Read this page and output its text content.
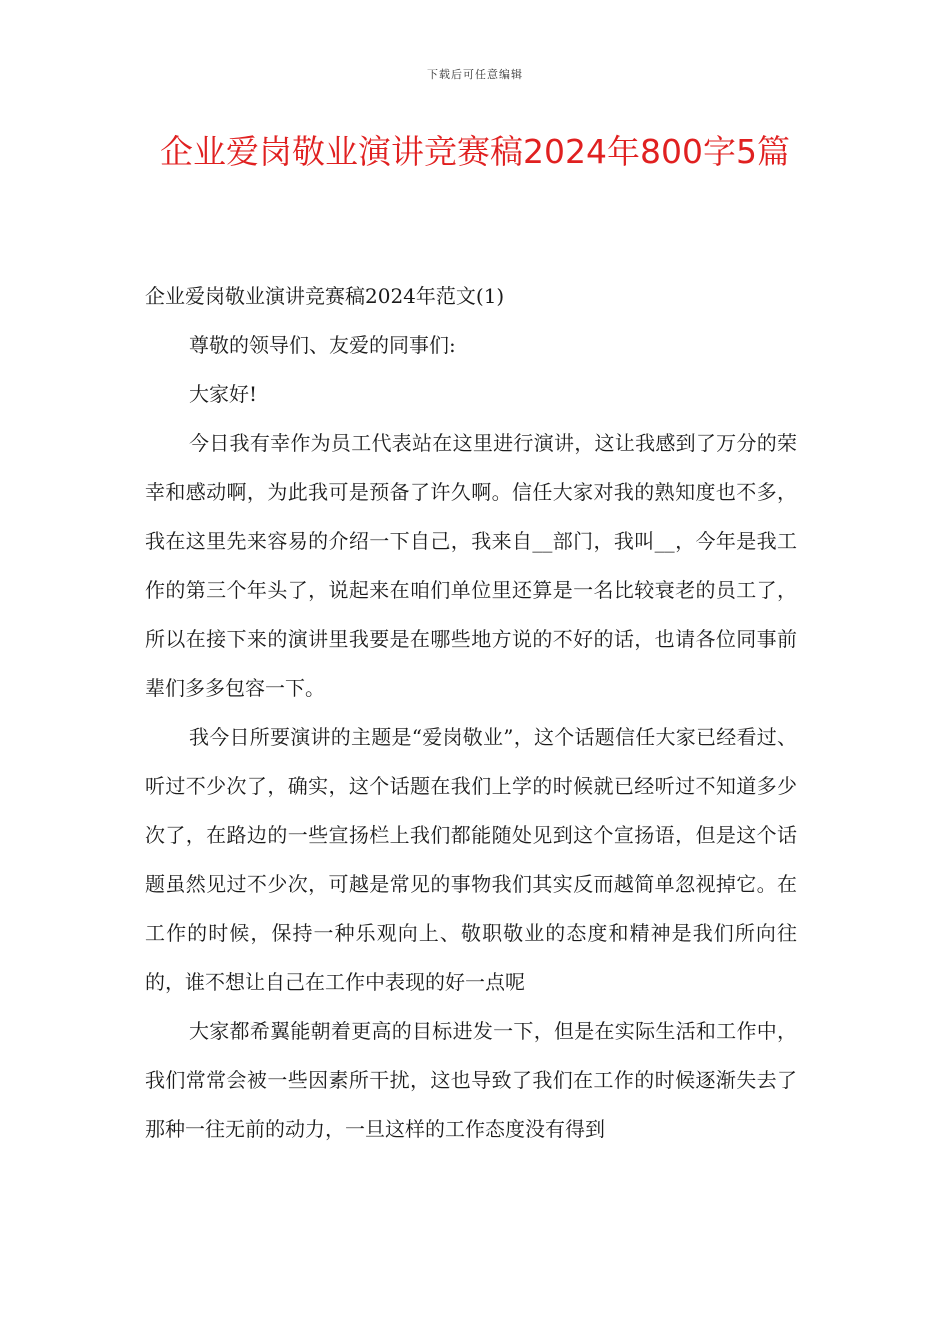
下载后可任意编辑
企业爱岗敬业演讲竞赛稿2024年800字5篇

企业爱岗敬业演讲竞赛稿2024年范文(1)

尊敬的领导们、友爱的同事们:

大家好!

今日我有幸作为员工代表站在这里进行演讲，这让我感到了万分的荣幸和感动啊，为此我可是预备了许久啊。信任大家对我的熟知度也不多，我在这里先来容易的介绍一下自己，我来自__部门，我叫__，今年是我工作的第三个年头了，说起来在咱们单位里还算是一名比较衰老的员工了，所以在接下来的演讲里我要是在哪些地方说的不好的话，也请各位同事前辈们多多包容一下。

我今日所要演讲的主题是“爱岗敬业”，这个话题信任大家已经看过、听过不少次了，确实，这个话题在我们上学的时候就已经听过不知道多少次了，在路边的一些宣扬栏上我们都能随处见到这个宣扬语，但是这个话题虽然见过不少次，可越是常见的事物我们其实反而越简单忽视掉它。在工作的时候，保持一种乐观向上、敬职敬业的态度和精神是我们所向往的，谁不想让自己在工作中表现的好一点呢

大家都希翼能朝着更高的目标进发一下，但是在实际生活和工作中，我们常常会被一些因素所干扰，这也导致了我们在工作的时候逐渐失去了那种一往无前的动力，一旦这样的工作态度没有得到
